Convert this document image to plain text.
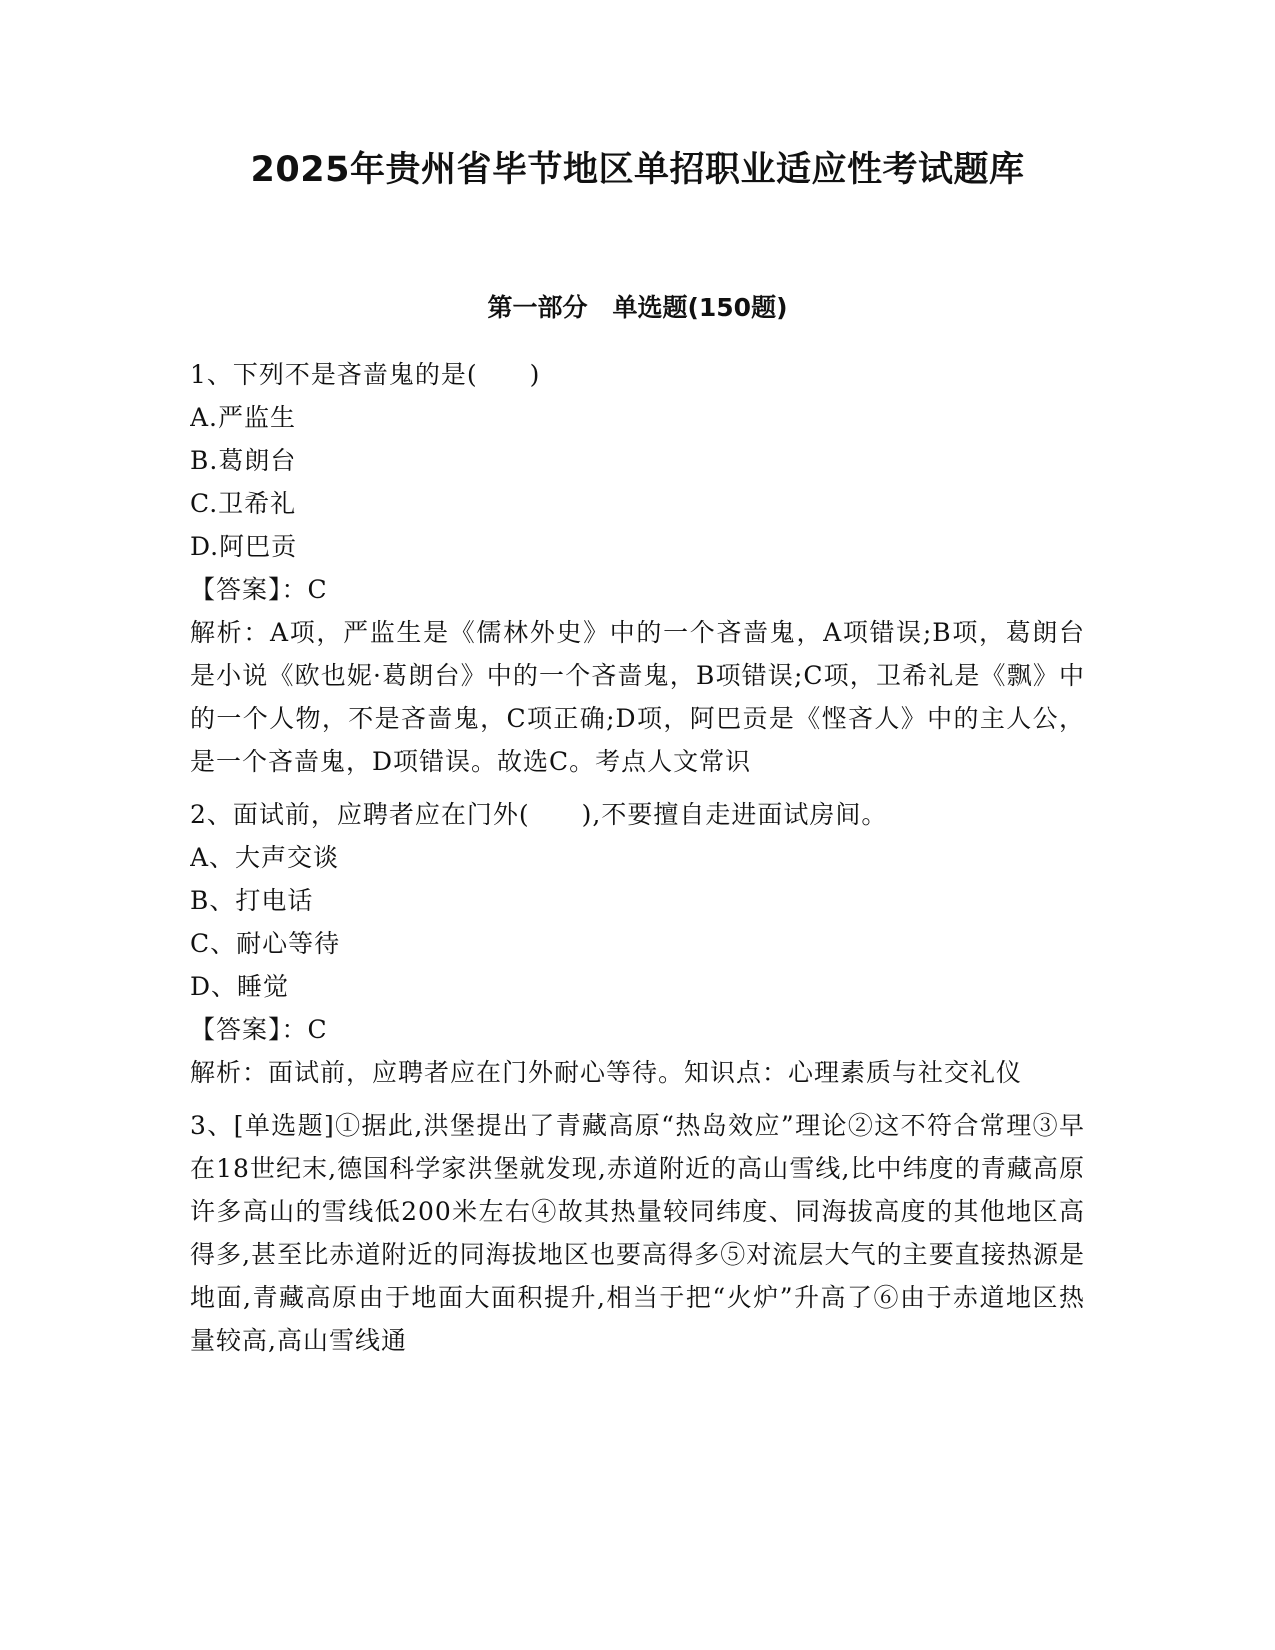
2025年贵州省毕节地区单招职业适应性考试题库
第一部分　单选题(150题)
1、下列不是吝啬鬼的是(　　)
A.严监生
B.葛朗台
C.卫希礼
D.阿巴贡
【答案】：C
解析：A项，严监生是《儒林外史》中的一个吝啬鬼，A项错误;B项，葛朗台是小说《欧也妮·葛朗台》中的一个吝啬鬼，B项错误;C项，卫希礼是《飘》中的一个人物，不是吝啬鬼，C项正确;D项，阿巴贡是《悭吝人》中的主人公，是一个吝啬鬼，D项错误。故选C。考点人文常识
2、面试前，应聘者应在门外(　　),不要擅自走进面试房间。
A、大声交谈
B、打电话
C、耐心等待
D、睡觉
【答案】：C
解析：面试前，应聘者应在门外耐心等待。知识点：心理素质与社交礼仪
3、[单选题]①据此,洪堡提出了青藏高原“热岛效应”理论②这不符合常理③早在18世纪末,德国科学家洪堡就发现,赤道附近的高山雪线,比中纬度的青藏高原许多高山的雪线低200米左右④故其热量较同纬度、同海拔高度的其他地区高得多,甚至比赤道附近的同海拔地区也要高得多⑤对流层大气的主要直接热源是地面,青藏高原由于地面大面积提升,相当于把“火炉”升高了⑥由于赤道地区热量较高,高山雪线通
